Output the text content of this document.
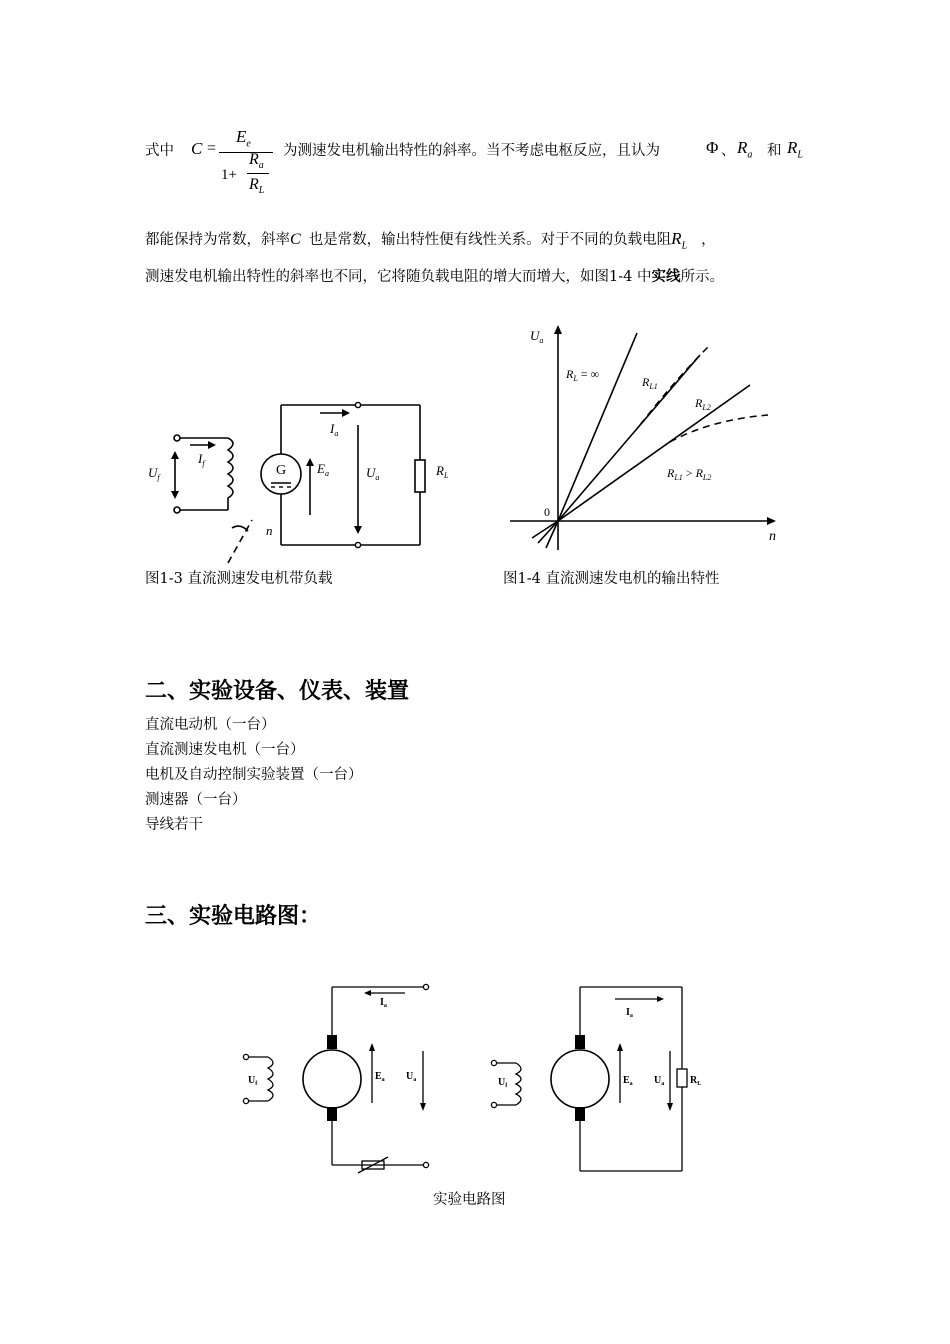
式中 C =
$E_e$
1+
$R_a$
$R_L$
为测速发电机输出特性的斜率。当不考虑电枢反应，且认为	Φ 、 $R_a$ 和 $R_L$
都能保持为常数，斜率C 也是常数，输出特性便有线性关系。对于不同的负载电阻$R_L$ ，
测速发电机输出特性的斜率也不同，它将随负载电阻的增大而增大，如图1-4 中实线所示。
G
$U_f$
$I_f$	$E_a$
$I_a$
$U_a$	$R_L$
n
图1-3 直流测速发电机带负载
$U_a$
n
0
$R_L$ = ∞
$R_{L1}$
$R_{L2}$
$R_{L1} > R_{L2}$
图1-4 直流测速发电机的输出特性
二、实验设备、仪表、装置
直流电动机（一台）
直流测速发电机（一台）
电机及自动控制实验装置（一台）
测速器（一台）
导线若干
三、实验电路图：
$U_f$
$I_a$
$E_a$ $U_a$	$U_f$
$I_a$
$E_a$ $U_a$	$R_L$
实验电路图
